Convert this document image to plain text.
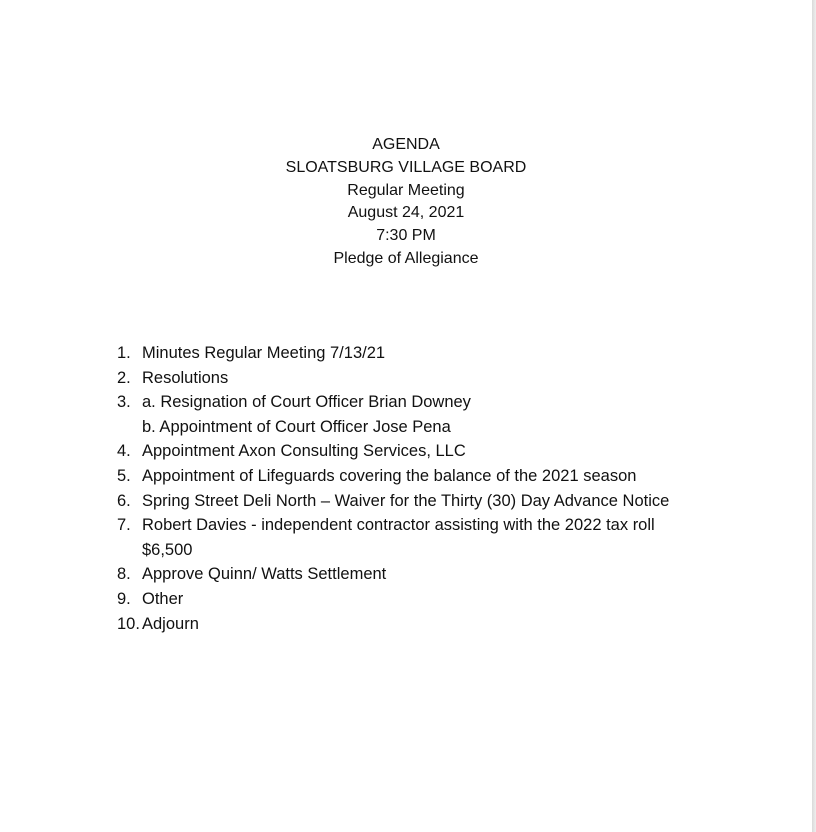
AGENDA
SLOATSBURG VILLAGE BOARD
Regular Meeting
August 24, 2021
7:30 PM
Pledge of Allegiance
1. Minutes Regular Meeting 7/13/21
2. Resolutions
3. a. Resignation of Court Officer Brian Downey
b. Appointment of Court Officer Jose Pena
4. Appointment Axon Consulting Services, LLC
5. Appointment of Lifeguards covering the balance of the 2021 season
6. Spring Street Deli North – Waiver for the Thirty (30) Day Advance Notice
7. Robert Davies - independent contractor assisting with the 2022 tax roll
$6,500
8. Approve Quinn/ Watts Settlement
9. Other
10. Adjourn
